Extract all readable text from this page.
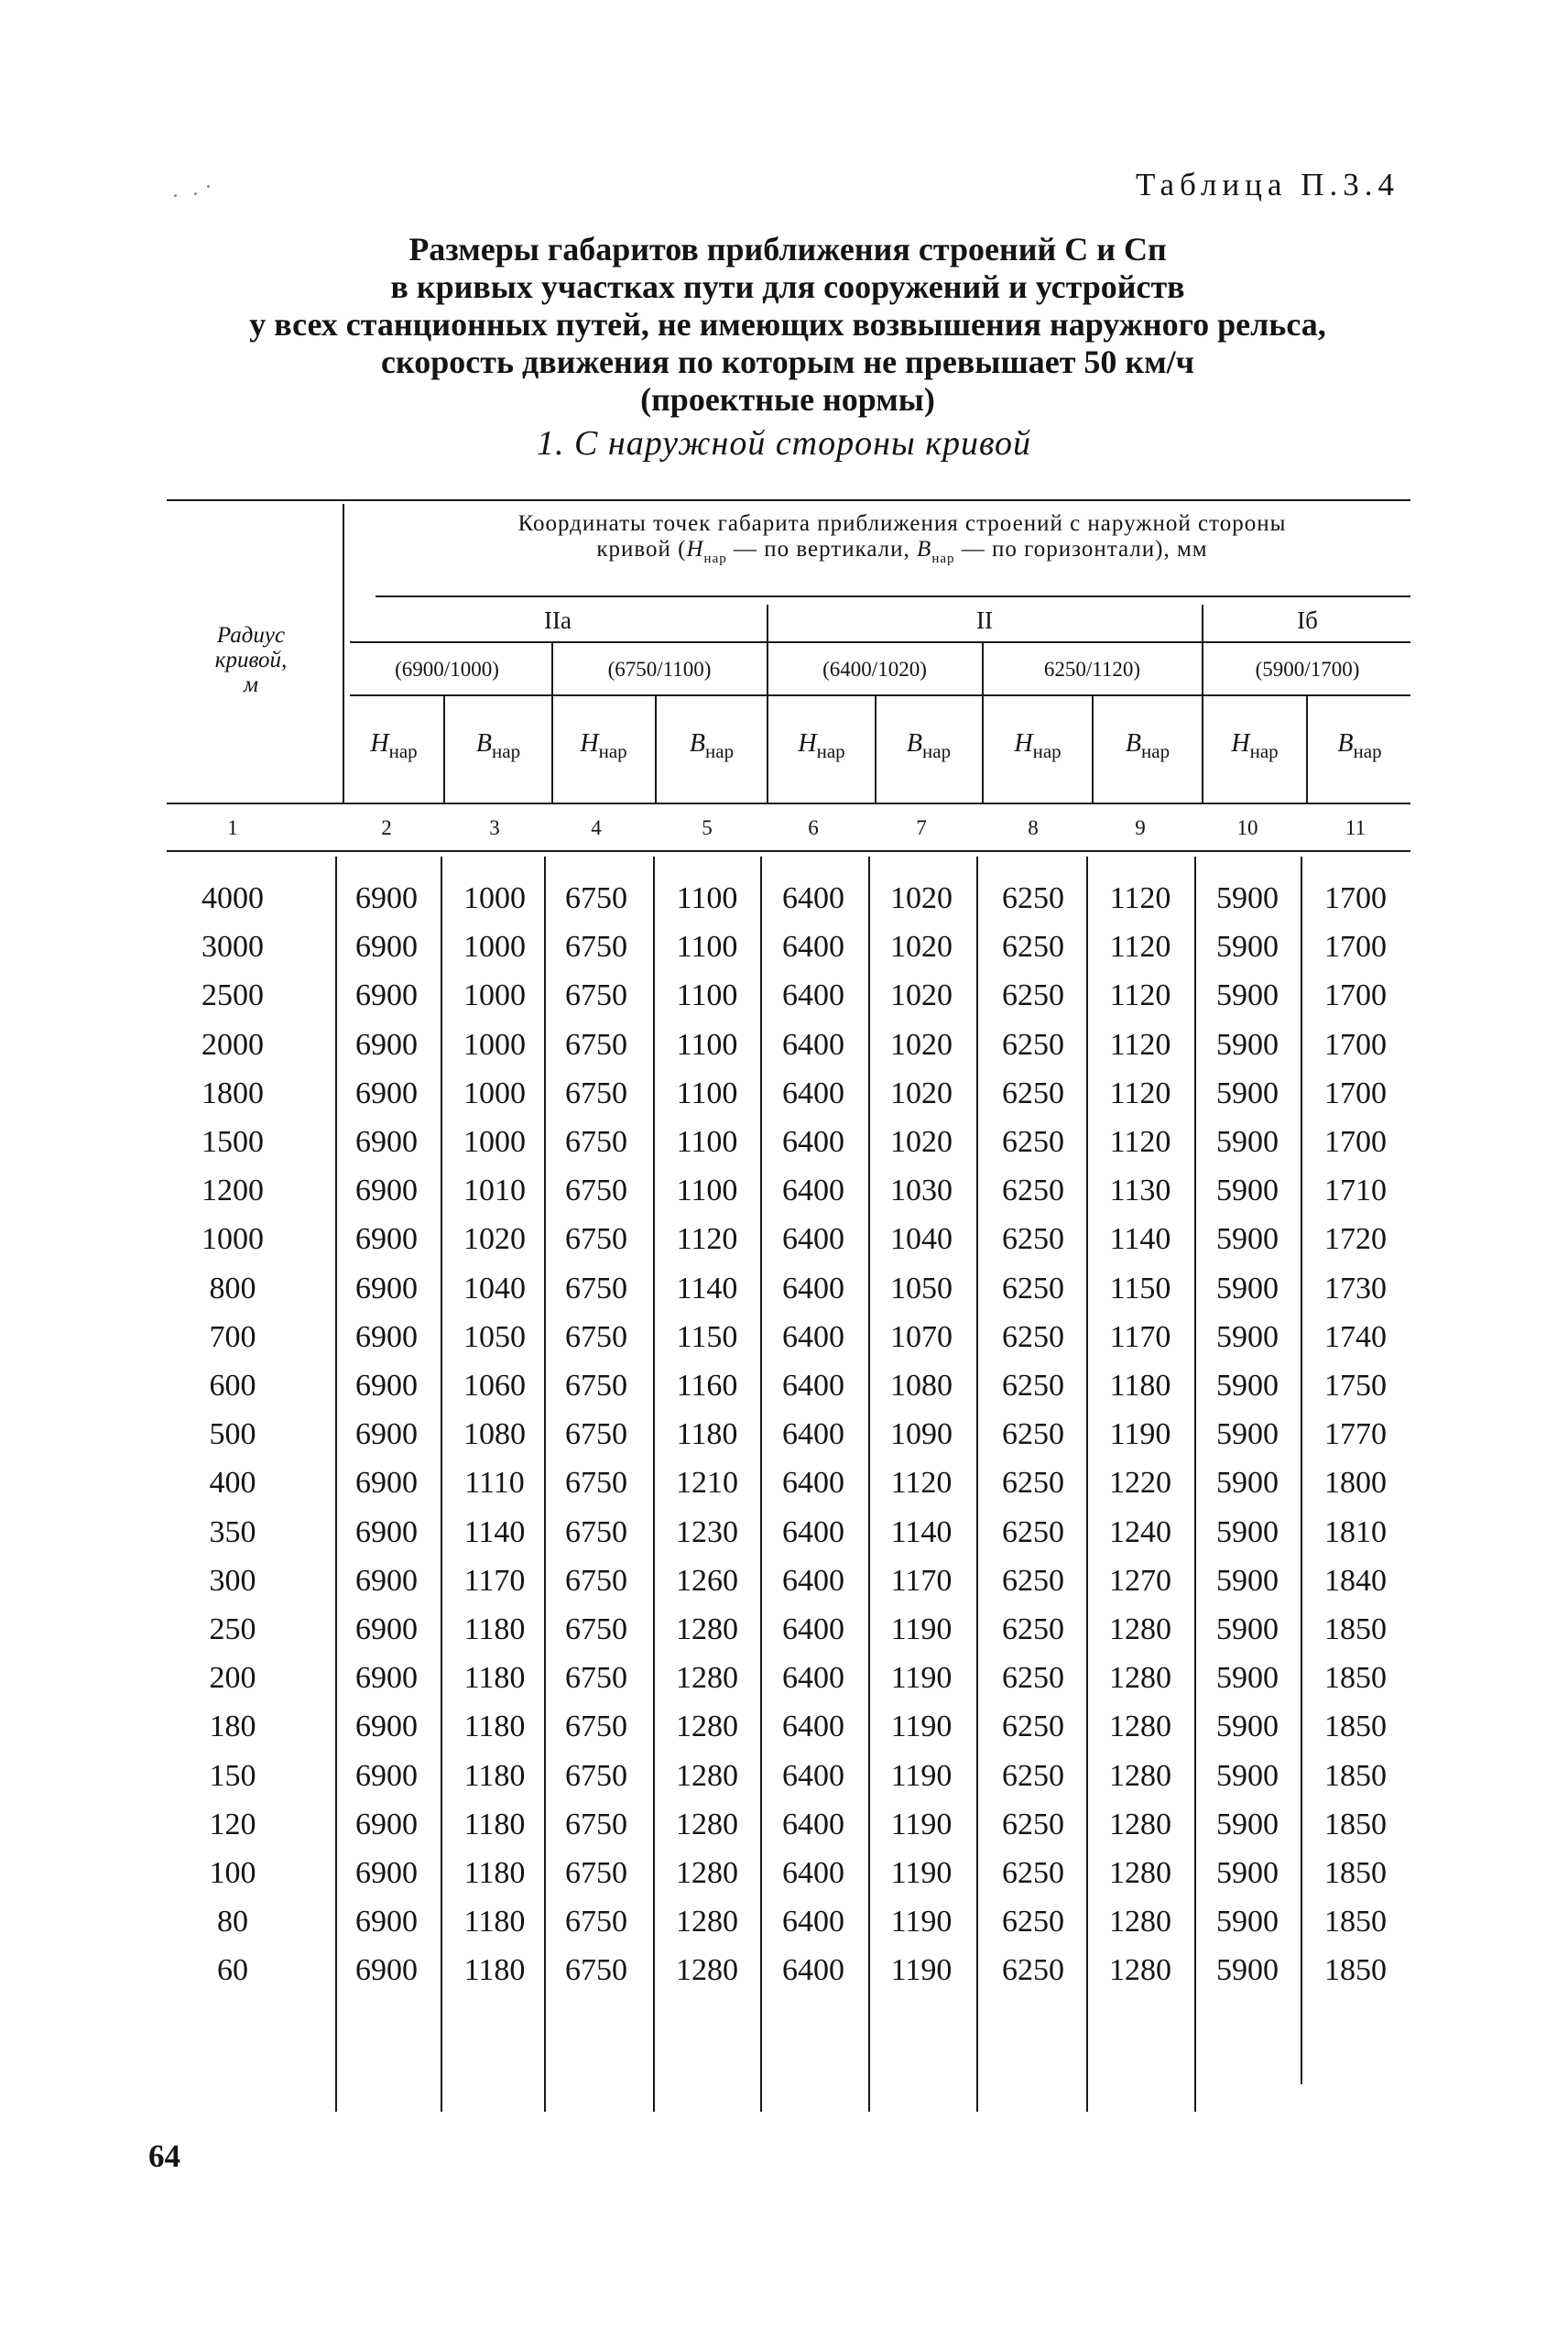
Таблица П.3.4
Размеры габаритов приближения строений С и Сп
в кривых участках пути для сооружений и устройств
у всех станционных путей, не имеющих возвышения наружного рельса,
скорость движения по которым не превышает 50 км/ч
(проектные нормы)
1. С наружной стороны кривой
Радиус
кривой,
м
Координаты точек габарита приближения строений с наружной стороны
кривой ($H_{нар}$ — по вертикали, $B_{нар}$ — по горизонтали), мм
IIа	II	Iб
(6900/1000)	(6750/1100)	(6400/1020)	6250/1120)	(5900/1700)
$H_{нар}$	$B_{нар}$	$H_{нар}$	$B_{нар}$	$H_{нар}$	$B_{нар}$	$H_{нар}$	$B_{нар}$	$H_{нар}$	$B_{нар}$
1	2	3	4	5	6	7	8	9	10	11
4000	6900	1000	6750	1100	6400	1020	6250	1120	5900	1700
3000	6900	1000	6750	1100	6400	1020	6250	1120	5900	1700
2500	6900	1000	6750	1100	6400	1020	6250	1120	5900	1700
2000	6900	1000	6750	1100	6400	1020	6250	1120	5900	1700
1800	6900	1000	6750	1100	6400	1020	6250	1120	5900	1700
1500	6900	1000	6750	1100	6400	1020	6250	1120	5900	1700
1200	6900	1010	6750	1100	6400	1030	6250	1130	5900	1710
1000	6900	1020	6750	1120	6400	1040	6250	1140	5900	1720
800	6900	1040	6750	1140	6400	1050	6250	1150	5900	1730
700	6900	1050	6750	1150	6400	1070	6250	1170	5900	1740
600	6900	1060	6750	1160	6400	1080	6250	1180	5900	1750
500	6900	1080	6750	1180	6400	1090	6250	1190	5900	1770
400	6900	1110	6750	1210	6400	1120	6250	1220	5900	1800
350	6900	1140	6750	1230	6400	1140	6250	1240	5900	1810
300	6900	1170	6750	1260	6400	1170	6250	1270	5900	1840
250	6900	1180	6750	1280	6400	1190	6250	1280	5900	1850
200	6900	1180	6750	1280	6400	1190	6250	1280	5900	1850
180	6900	1180	6750	1280	6400	1190	6250	1280	5900	1850
150	6900	1180	6750	1280	6400	1190	6250	1280	5900	1850
120	6900	1180	6750	1280	6400	1190	6250	1280	5900	1850
100	6900	1180	6750	1280	6400	1190	6250	1280	5900	1850
80	6900	1180	6750	1280	6400	1190	6250	1280	5900	1850
60	6900	1180	6750	1280	6400	1190	6250	1280	5900	1850
64
